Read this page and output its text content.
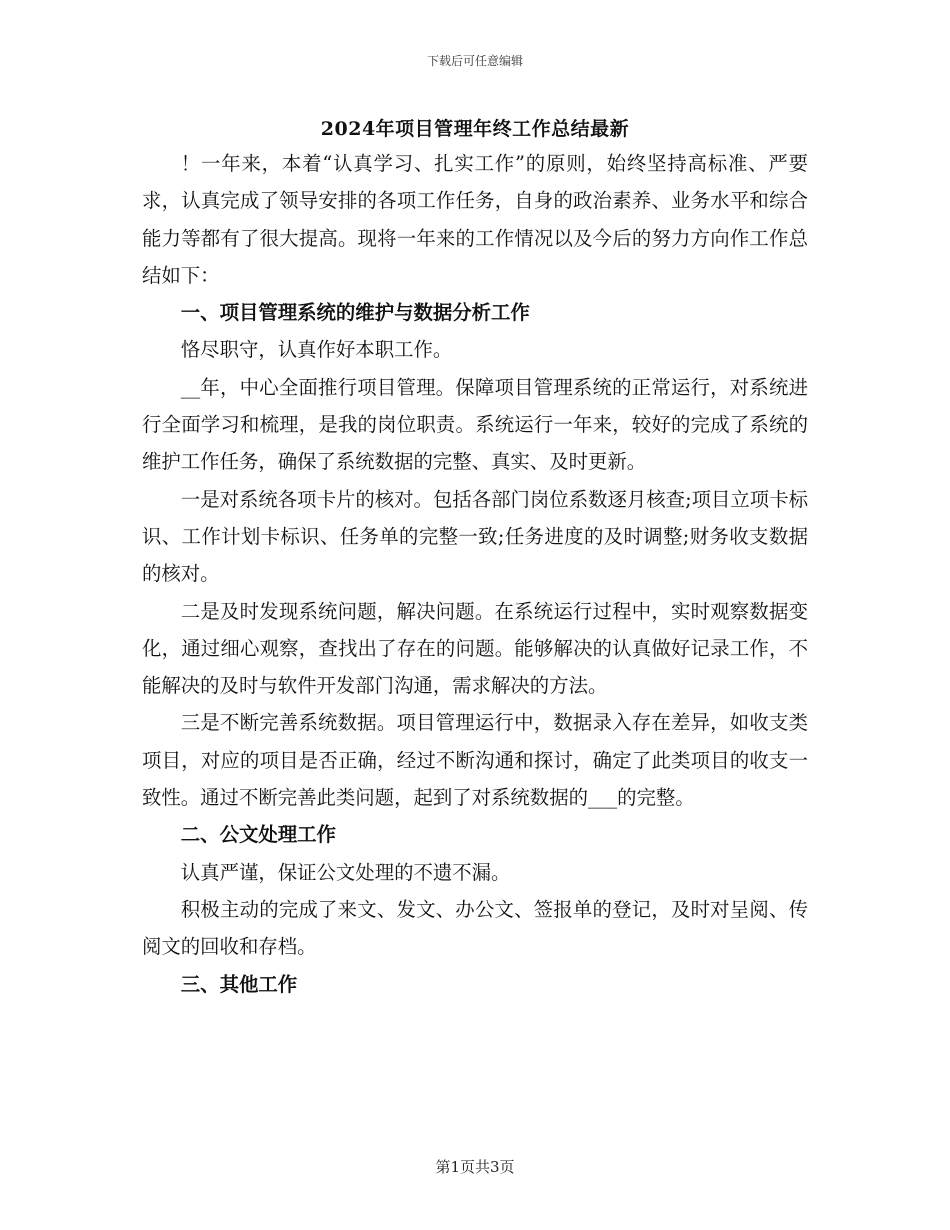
下载后可任意编辑
2024年项目管理年终工作总结最新

！一年来，本着“认真学习、扎实工作”的原则，始终坚持高标准、严要求，认真完成了领导安排的各项工作任务，自身的政治素养、业务水平和综合能力等都有了很大提高。现将一年来的工作情况以及今后的努力方向作工作总结如下：

一、项目管理系统的维护与数据分析工作

恪尽职守，认真作好本职工作。

__年，中心全面推行项目管理。保障项目管理系统的正常运行，对系统进行全面学习和梳理，是我的岗位职责。系统运行一年来，较好的完成了系统的维护工作任务，确保了系统数据的完整、真实、及时更新。

一是对系统各项卡片的核对。包括各部门岗位系数逐月核查;项目立项卡标识、工作计划卡标识、任务单的完整一致;任务进度的及时调整;财务收支数据的核对。

二是及时发现系统问题，解决问题。在系统运行过程中，实时观察数据变化，通过细心观察，查找出了存在的问题。能够解决的认真做好记录工作，不能解决的及时与软件开发部门沟通，需求解决的方法。

三是不断完善系统数据。项目管理运行中，数据录入存在差异，如收支类项目，对应的项目是否正确，经过不断沟通和探讨，确定了此类项目的收支一致性。通过不断完善此类问题，起到了对系统数据的___的完整。

二、公文处理工作

认真严谨，保证公文处理的不遗不漏。

积极主动的完成了来文、发文、办公文、签报单的登记，及时对呈阅、传阅文的回收和存档。

三、其他工作

第1页共3页
